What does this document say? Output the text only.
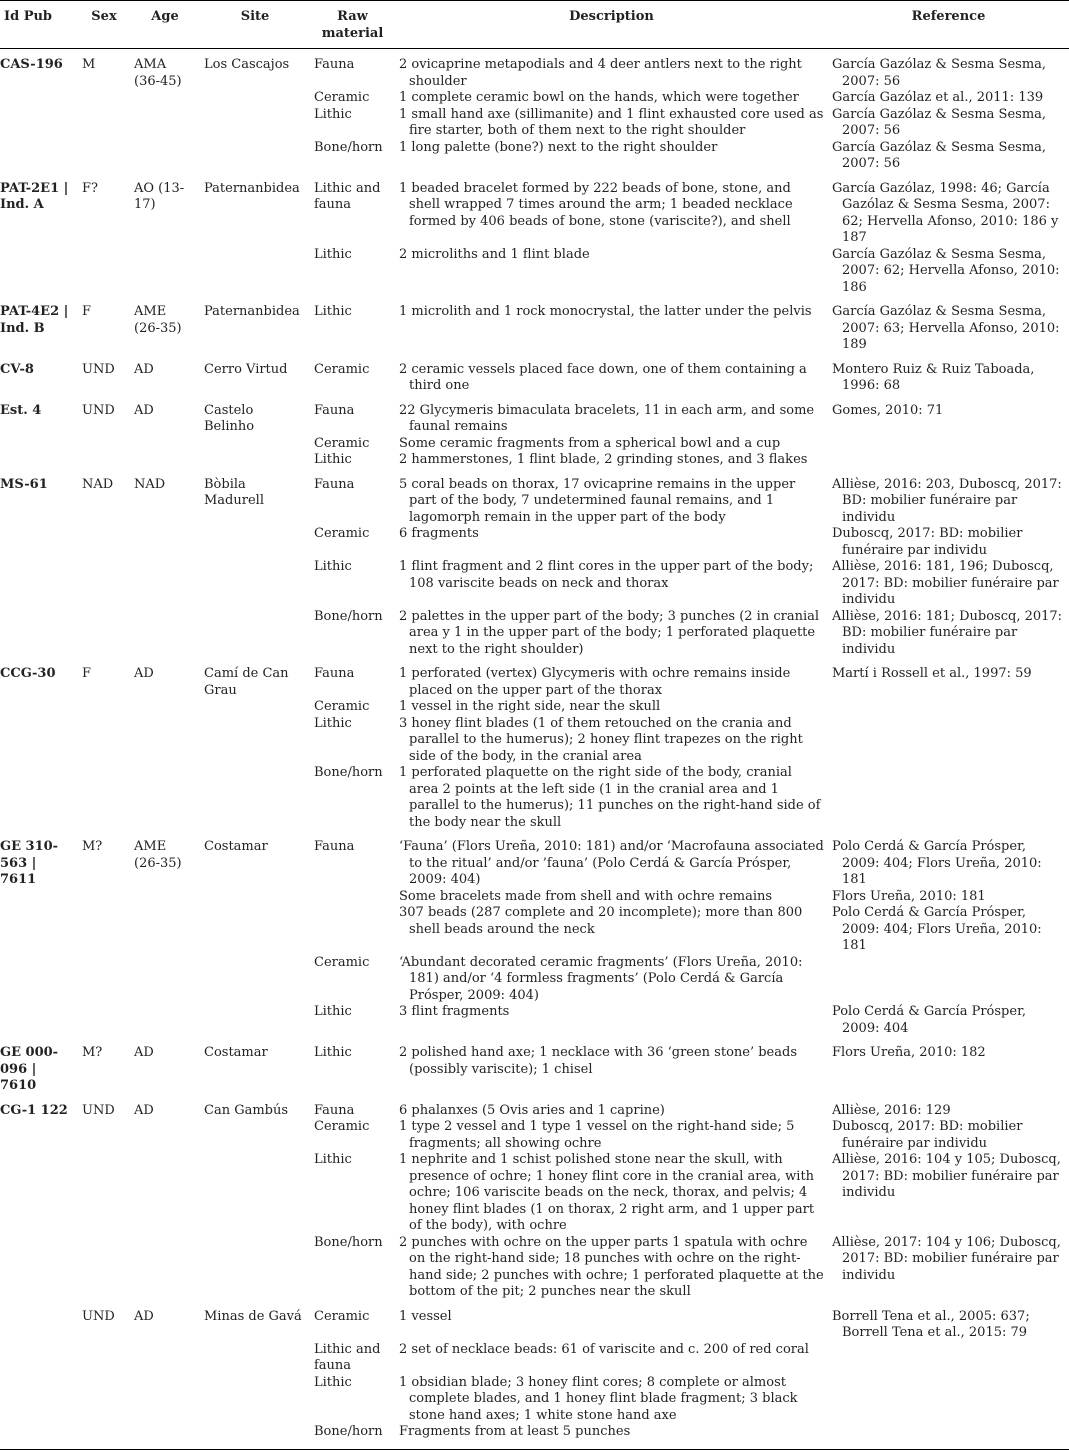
Id Pub	Sex	Age	Site	Raw material	Description	Reference
CAS-196	M	AMA (36-45)	Los Cascajos	Fauna	2 ovicaprine metapodials and 4 deer antlers next to the right shoulder	García Gazólaz & Sesma Sesma, 2007: 56
				Ceramic	1 complete ceramic bowl on the hands, which were together	García Gazólaz et al., 2011: 139
				Lithic	1 small hand axe (sillimanite) and 1 flint exhausted core used as fire starter, both of them next to the right shoulder	García Gazólaz & Sesma Sesma, 2007: 56
				Bone/horn	1 long palette (bone?) next to the right shoulder	García Gazólaz & Sesma Sesma, 2007: 56
PAT-2E1 | Ind. A	F?	AO (13-17)	Paternanbidea	Lithic and fauna	1 beaded bracelet formed by 222 beads of bone, stone, and shell wrapped 7 times around the arm; 1 beaded necklace formed by 406 beads of bone, stone (variscite?), and shell	García Gazólaz, 1998: 46; García Gazólaz & Sesma Sesma, 2007: 62; Hervella Afonso, 2010: 186 y 187
				Lithic	2 microliths and 1 flint blade	García Gazólaz & Sesma Sesma, 2007: 62; Hervella Afonso, 2010: 186
PAT-4E2 | Ind. B	F	AME (26-35)	Paternanbidea	Lithic	1 microlith and 1 rock monocrystal, the latter under the pelvis	García Gazólaz & Sesma Sesma, 2007: 63; Hervella Afonso, 2010: 189
CV-8	UND	AD	Cerro Virtud	Ceramic	2 ceramic vessels placed face down, one of them containing a third one	Montero Ruiz & Ruiz Taboada, 1996: 68
Est. 4	UND	AD	Castelo Belinho	Fauna	22 Glycymeris bimaculata bracelets, 11 in each arm, and some faunal remains	Gomes, 2010: 71
				Ceramic	Some ceramic fragments from a spherical bowl and a cup	
				Lithic	2 hammerstones, 1 flint blade, 2 grinding stones, and 3 flakes	
MS-61	NAD	NAD	Bòbila Madurell	Fauna	5 coral beads on thorax, 17 ovicaprine remains in the upper part of the body, 7 undetermined faunal remains, and 1 lagomorph remain in the upper part of the body	Allièse, 2016: 203, Duboscq, 2017: BD: mobilier funéraire par individu
				Ceramic	6 fragments	Duboscq, 2017: BD: mobilier funéraire par individu
				Lithic	1 flint fragment and 2 flint cores in the upper part of the body; 108 variscite beads on neck and thorax	Allièse, 2016: 181, 196; Duboscq, 2017: BD: mobilier funéraire par individu
				Bone/horn	2 palettes in the upper part of the body; 3 punches (2 in cranial area y 1 in the upper part of the body; 1 perforated plaquette next to the right shoulder)	Allièse, 2016: 181; Duboscq, 2017: BD: mobilier funéraire par individu
CCG-30	F	AD	Camí de Can Grau	Fauna	1 perforated (vertex) Glycymeris with ochre remains inside placed on the upper part of the thorax	Martí i Rossell et al., 1997: 59
				Ceramic	1 vessel in the right side, near the skull	
				Lithic	3 honey flint blades (1 of them retouched on the crania and parallel to the humerus); 2 honey flint trapezes on the right side of the body, in the cranial area	
				Bone/horn	1 perforated plaquette on the right side of the body, cranial area 2 points at the left side (1 in the cranial area and 1 parallel to the humerus); 11 punches on the right-hand side of the body near the skull	
GE 310-563 | 7611	M?	AME (26-35)	Costamar	Fauna	‘Fauna’ (Flors Ureña, 2010: 181) and/or ‘Macrofauna associated to the ritual’ and/or ’fauna’ (Polo Cerdá & García Prósper, 2009: 404)	Polo Cerdá & García Prósper, 2009: 404; Flors Ureña, 2010: 181
					Some bracelets made from shell and with ochre remains	Flors Ureña, 2010: 181
					307 beads (287 complete and 20 incomplete); more than 800 shell beads around the neck	Polo Cerdá & García Prósper, 2009: 404; Flors Ureña, 2010: 181
				Ceramic	‘Abundant decorated ceramic fragments’ (Flors Ureña, 2010: 181) and/or ‘4 formless fragments’ (Polo Cerdá & García Prósper, 2009: 404)	
				Lithic	3 flint fragments	Polo Cerdá & García Prósper, 2009: 404
GE 000-096 | 7610	M?	AD	Costamar	Lithic	2 polished hand axe; 1 necklace with 36 ‘green stone’ beads (possibly variscite); 1 chisel	Flors Ureña, 2010: 182
CG-1 122	UND	AD	Can Gambús	Fauna	6 phalanxes (5 Ovis aries and 1 caprine)	Allièse, 2016: 129
				Ceramic	1 type 2 vessel and 1 type 1 vessel on the right-hand side; 5 fragments; all showing ochre	Duboscq, 2017: BD: mobilier funéraire par individu
				Lithic	1 nephrite and 1 schist polished stone near the skull, with presence of ochre; 1 honey flint core in the cranial area, with ochre; 106 variscite beads on the neck, thorax, and pelvis; 4 honey flint blades (1 on thorax, 2 right arm, and 1 upper part of the body), with ochre	Allièse, 2016: 104 y 105; Duboscq, 2017: BD: mobilier funéraire par individu
				Bone/horn	2 punches with ochre on the upper parts 1 spatula with ochre on the right-hand side; 18 punches with ochre on the right-hand side; 2 punches with ochre; 1 perforated plaquette at the bottom of the pit; 2 punches near the skull	Allièse, 2017: 104 y 106; Duboscq, 2017: BD: mobilier funéraire par individu
	UND	AD	Minas de Gavá	Ceramic	1 vessel	Borrell Tena et al., 2005: 637; Borrell Tena et al., 2015: 79
				Lithic and fauna	2 set of necklace beads: 61 of variscite and c. 200 of red coral	
				Lithic	1 obsidian blade; 3 honey flint cores; 8 complete or almost complete blades, and 1 honey flint blade fragment; 3 black stone hand axes; 1 white stone hand axe	
				Bone/horn	Fragments from at least 5 punches	
